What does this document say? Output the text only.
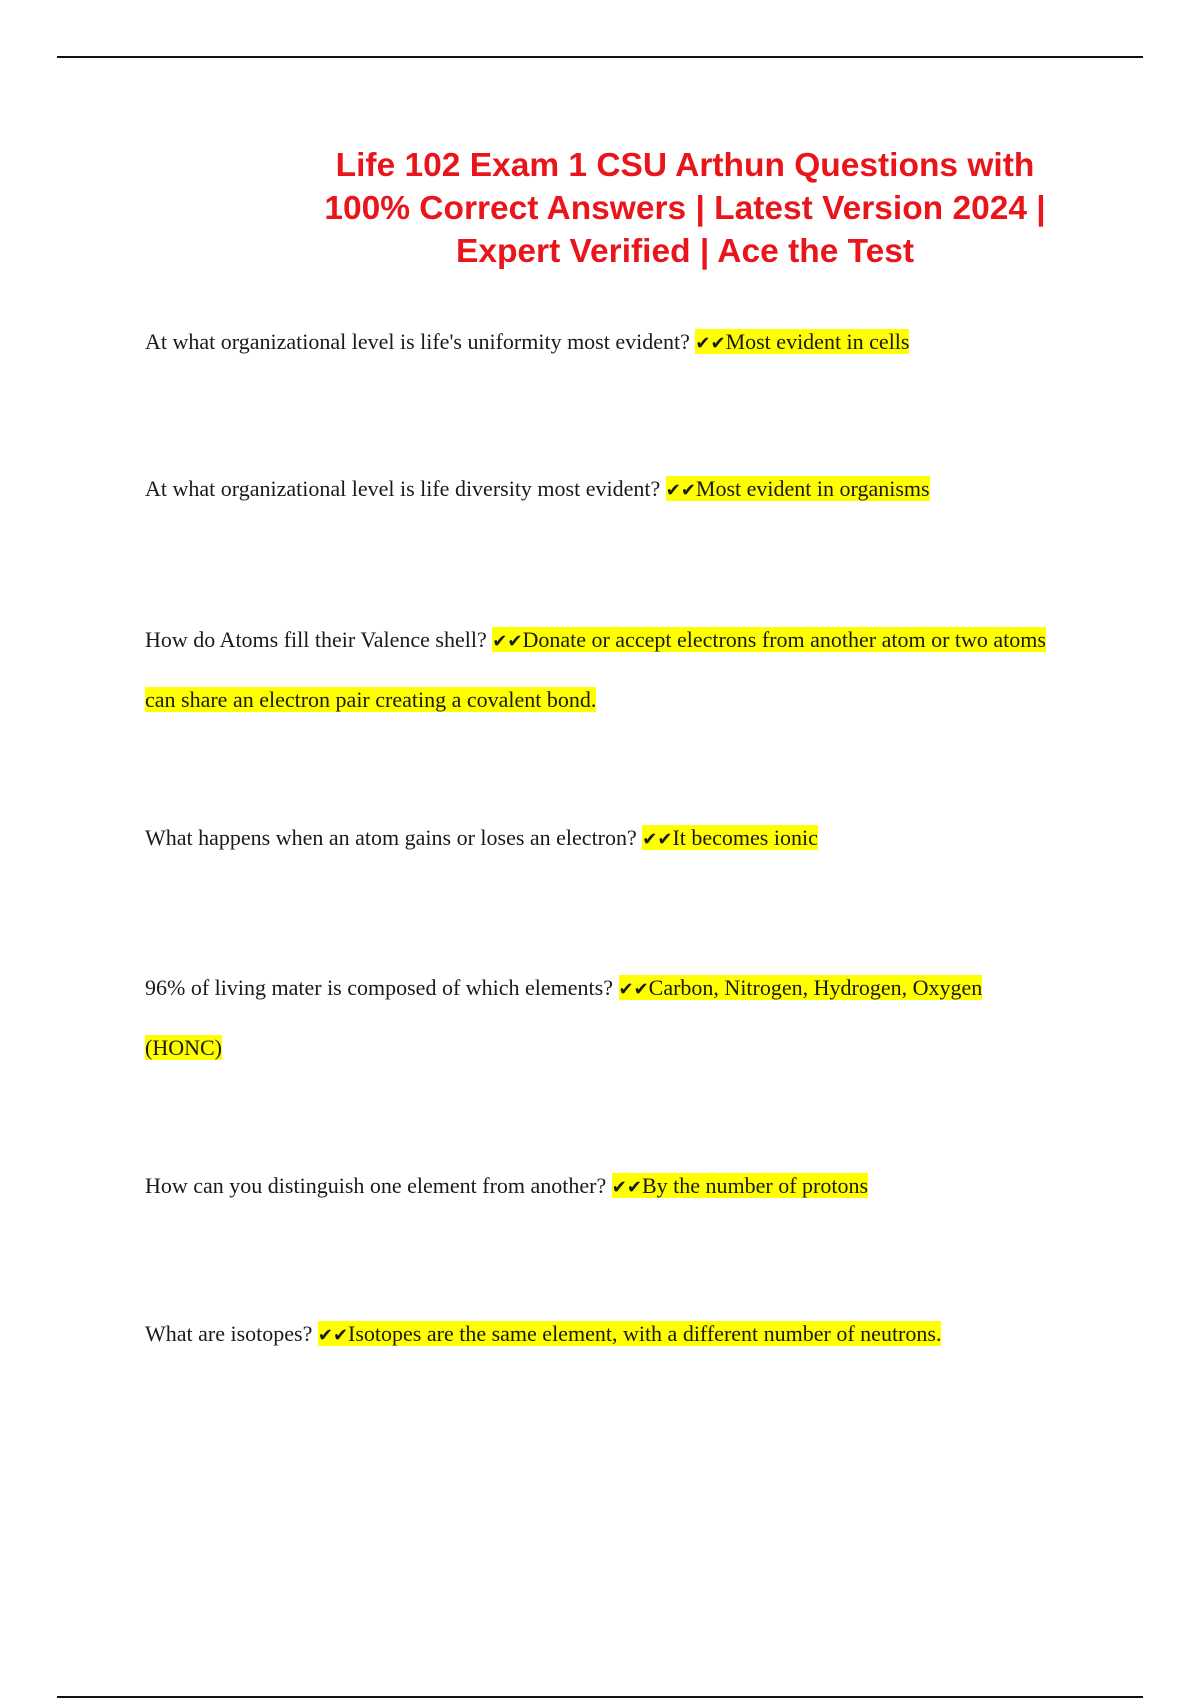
Life 102 Exam 1 CSU Arthun Questions with 100% Correct Answers | Latest Version 2024 | Expert Verified | Ace the Test

At what organizational level is life's uniformity most evident? ✔✔Most evident in cells

At what organizational level is life diversity most evident? ✔✔Most evident in organisms

How do Atoms fill their Valence shell? ✔✔Donate or accept electrons from another atom or two atoms can share an electron pair creating a covalent bond.

What happens when an atom gains or loses an electron? ✔✔It becomes ionic

96% of living mater is composed of which elements? ✔✔Carbon, Nitrogen, Hydrogen, Oxygen (HONC)

How can you distinguish one element from another? ✔✔By the number of protons

What are isotopes? ✔✔Isotopes are the same element, with a different number of neutrons.
